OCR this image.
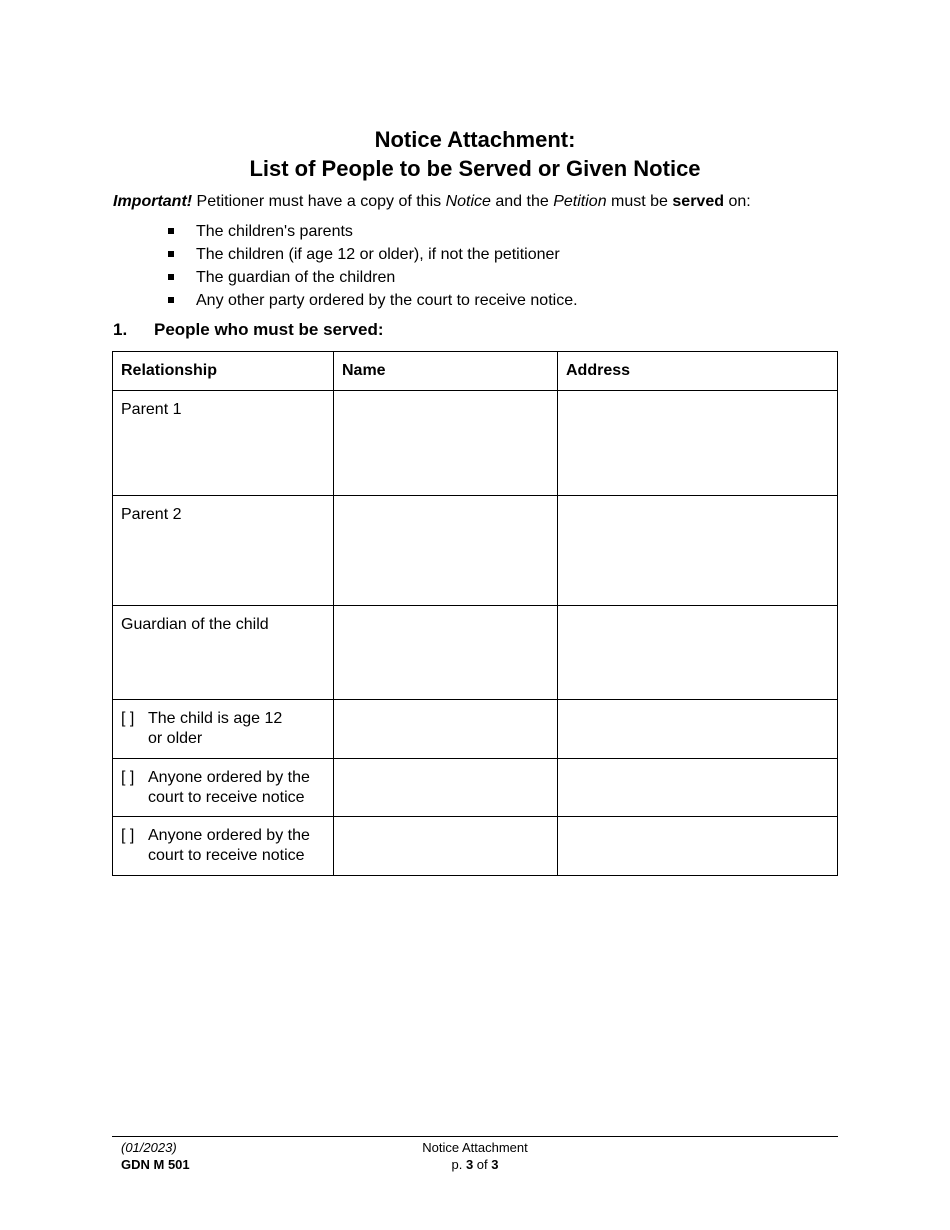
Notice Attachment:
List of People to be Served or Given Notice
Important! Petitioner must have a copy of this Notice and the Petition must be served on:
The children's parents
The children (if age 12 or older), if not the petitioner
The guardian of the children
Any other party ordered by the court to receive notice.
1. People who must be served:
Relationship	Name	Address
Parent 1		
Parent 2		
Guardian of the child		

[ ] The child is age 12
or older		

[ ] Anyone ordered by the
court to receive notice		

[ ] Anyone ordered by the
court to receive notice		

(01/2023)
GDN M 501
Notice Attachment
p. 3 of 3
